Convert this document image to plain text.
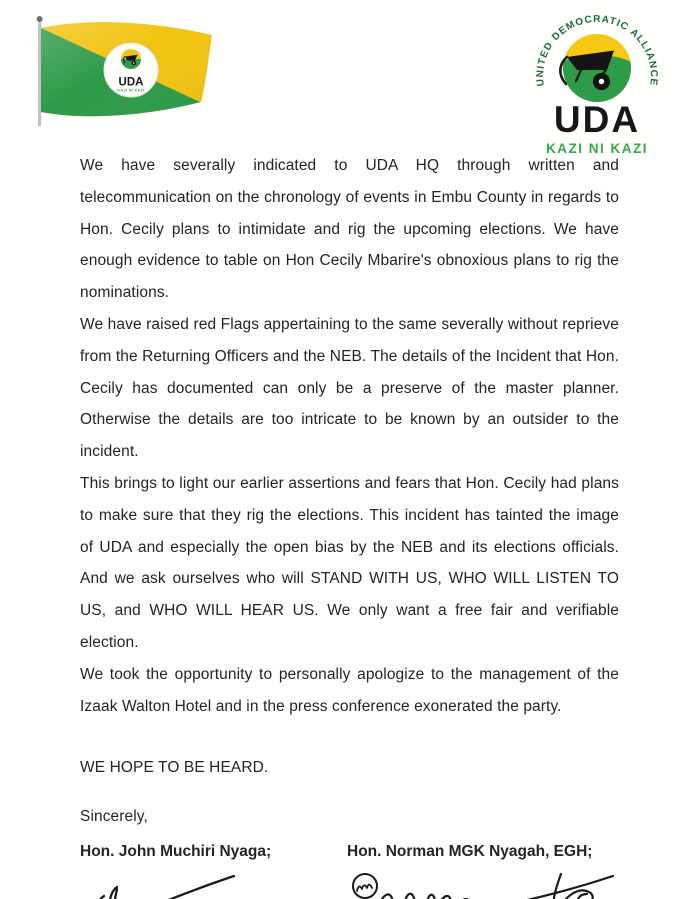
UDA
KAZI NI KAZI
UNITED DEMOCRATIC ALLIANCE
UDA
KAZI NI KAZI

We have severally indicated to UDA HQ through written and telecommunication on the chronology of events in Embu County in regards to Hon. Cecily plans to intimidate and rig the upcoming elections. We have enough evidence to table on Hon Cecily Mbarire's obnoxious plans to rig the nominations.

We have raised red Flags appertaining to the same severally without reprieve from the Returning Officers and the NEB. The details of the Incident that Hon. Cecily has documented can only be a preserve of the master planner. Otherwise the details are too intricate to be known by an outsider to the incident.

This brings to light our earlier assertions and fears that Hon. Cecily had plans to make sure that they rig the elections. This incident has tainted the image of UDA and especially the open bias by the NEB and its elections officials. And we ask ourselves who will STAND WITH US, WHO WILL LISTEN TO US, and WHO WILL HEAR US. We only want a free fair and verifiable election.

We took the opportunity to personally apologize to the management of the Izaak Walton Hotel and in the press conference exonerated the party.

WE HOPE TO BE HEARD.

Sincerely,

Hon. John Muchiri Nyaga;	Hon. Norman MGK Nyagah, EGH;
